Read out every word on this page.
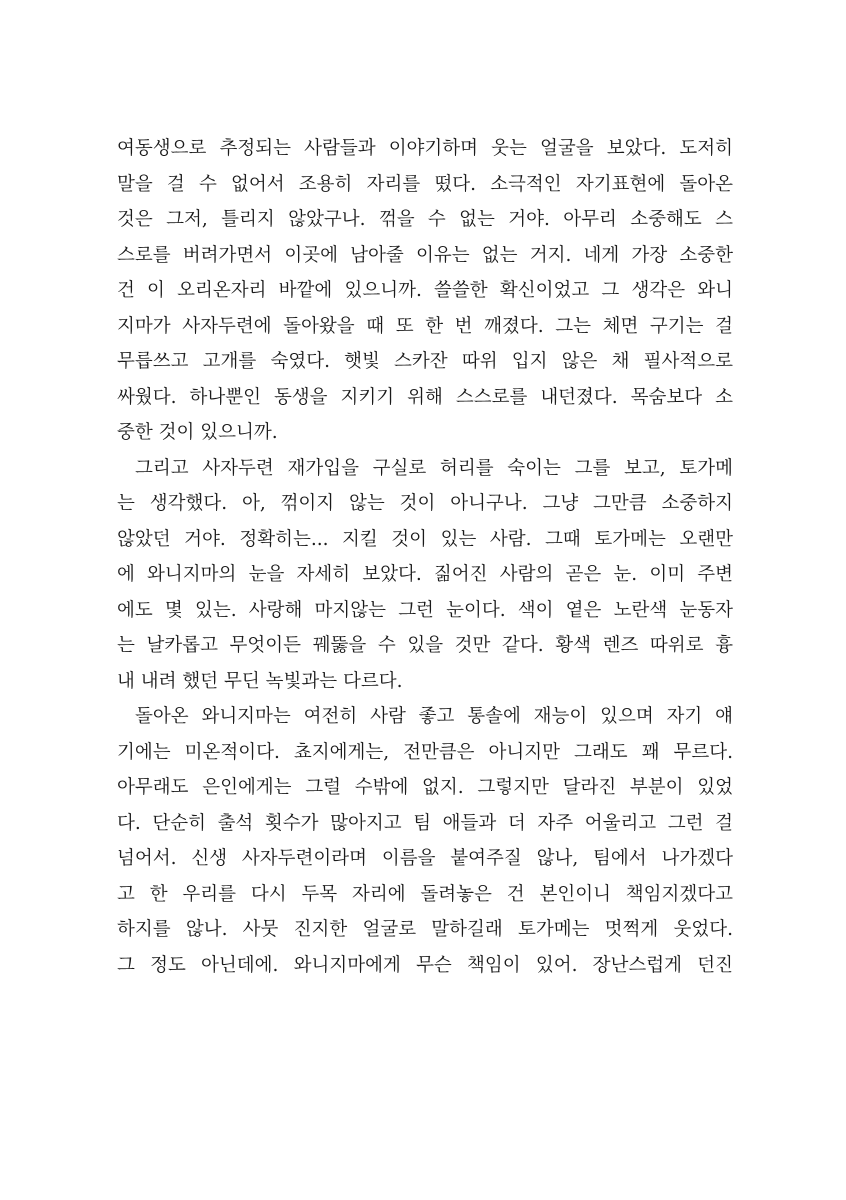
여동생으로 추정되는 사람들과 이야기하며 웃는 얼굴을 보았다. 도저히
말을 걸 수 없어서 조용히 자리를 떴다. 소극적인 자기표현에 돌아온
것은 그저, 틀리지 않았구나. 꺾을 수 없는 거야. 아무리 소중해도 스
스로를 버려가면서 이곳에 남아줄 이유는 없는 거지. 네게 가장 소중한
건 이 오리온자리 바깥에 있으니까. 쓸쓸한 확신이었고 그 생각은 와니
지마가 사자두련에 돌아왔을 때 또 한 번 깨졌다. 그는 체면 구기는 걸
무릅쓰고 고개를 숙였다. 햇빛 스카잔 따위 입지 않은 채 필사적으로
싸웠다. 하나뿐인 동생을 지키기 위해 스스로를 내던졌다. 목숨보다 소
중한 것이 있으니까.
그리고 사자두련 재가입을 구실로 허리를 숙이는 그를 보고, 토가메
는 생각했다. 아, 꺾이지 않는 것이 아니구나. 그냥 그만큼 소중하지
않았던 거야. 정확히는... 지킬 것이 있는 사람. 그때 토가메는 오랜만
에 와니지마의 눈을 자세히 보았다. 짊어진 사람의 곧은 눈. 이미 주변
에도 몇 있는. 사랑해 마지않는 그런 눈이다. 색이 옅은 노란색 눈동자
는 날카롭고 무엇이든 꿰뚫을 수 있을 것만 같다. 황색 렌즈 따위로 흉
내 내려 했던 무딘 녹빛과는 다르다.
돌아온 와니지마는 여전히 사람 좋고 통솔에 재능이 있으며 자기 얘
기에는 미온적이다. 쵸지에게는, 전만큼은 아니지만 그래도 꽤 무르다.
아무래도 은인에게는 그럴 수밖에 없지. 그렇지만 달라진 부분이 있었
다. 단순히 출석 횟수가 많아지고 팀 애들과 더 자주 어울리고 그런 걸
넘어서. 신생 사자두련이라며 이름을 붙여주질 않나, 팀에서 나가겠다
고 한 우리를 다시 두목 자리에 돌려놓은 건 본인이니 책임지겠다고
하지를 않나. 사뭇 진지한 얼굴로 말하길래 토가메는 멋쩍게 웃었다.
그 정도 아닌데에. 와니지마에게 무슨 책임이 있어. 장난스럽게 던진
